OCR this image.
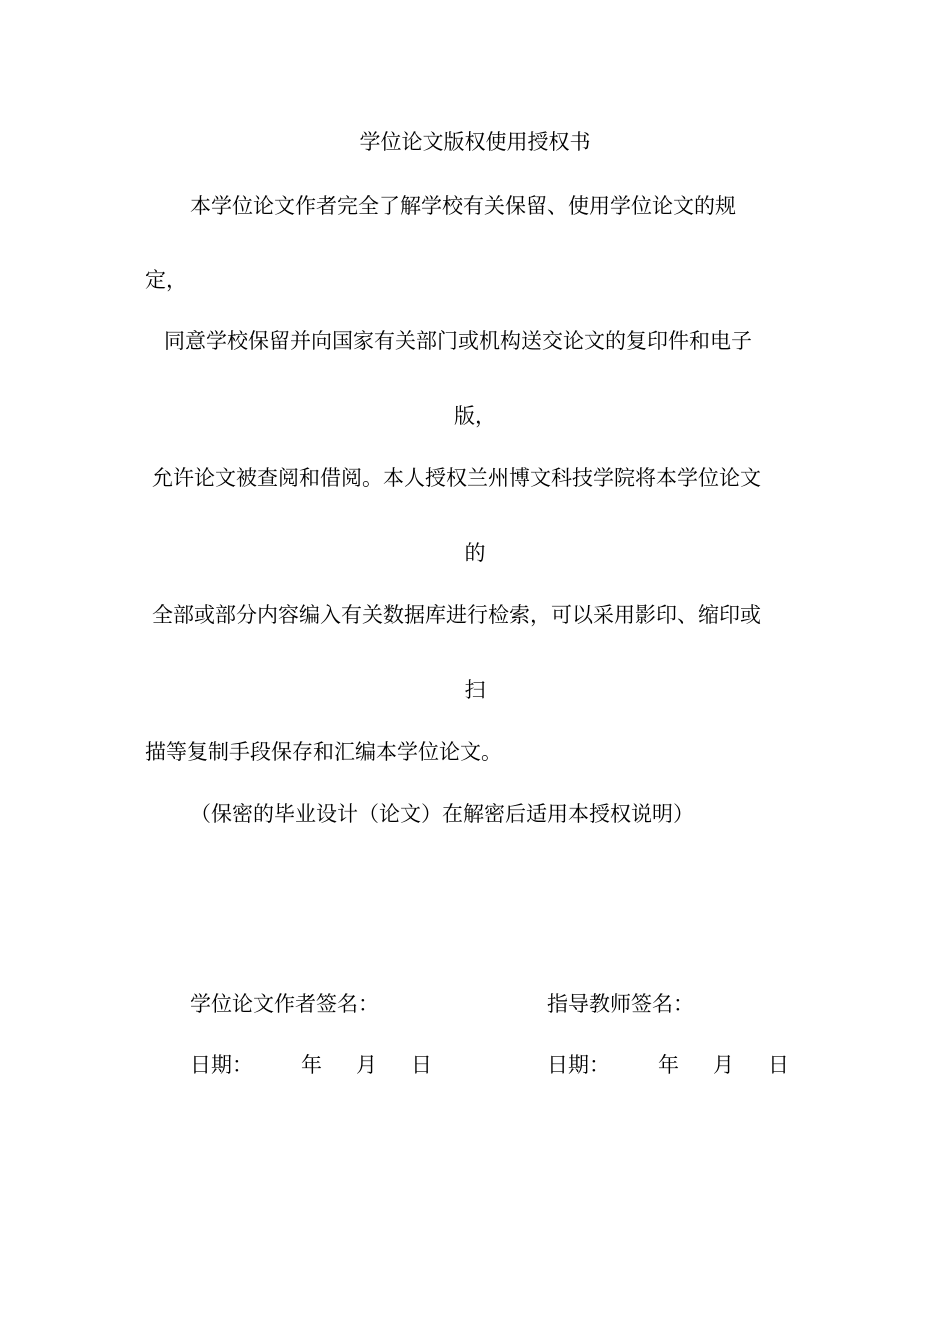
学位论文版权使用授权书
本学位论文作者完全了解学校有关保留、使用学位论文的规
定，
同意学校保留并向国家有关部门或机构送交论文的复印件和电子
版，
允许论文被查阅和借阅。本人授权兰州博文科技学院将本学位论文
的
全部或部分内容编入有关数据库进行检索，可以采用影印、缩印或
扫
描等复制手段保存和汇编本学位论文。
（保密的毕业设计（论文）在解密后适用本授权说明）
学位论文作者签名：	指导教师签名：
日期： 年 月 日	日期： 年 月 日
